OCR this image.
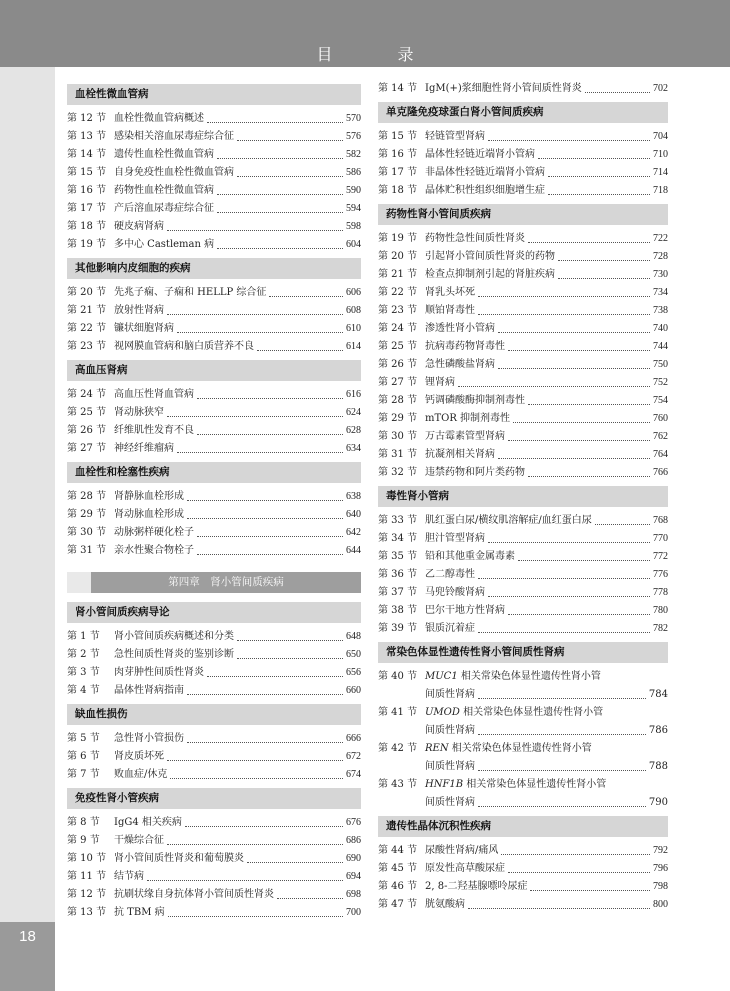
目 录
18
血栓性微血管病
第 12 节 血栓性微血管病概述	570
第 13 节 感染相关溶血尿毒症综合征	576
第 14 节 遗传性血栓性微血管病	582
第 15 节 自身免疫性血栓性微血管病	586
第 16 节 药物性血栓性微血管病	590
第 17 节 产后溶血尿毒症综合征	594
第 18 节 硬皮病肾病	598
第 19 节 多中心 Castleman 病	604
其他影响内皮细胞的疾病
第 20 节 先兆子痫、子痫和 HELLP 综合征	606
第 21 节 放射性肾病	608
第 22 节 镰状细胞肾病	610
第 23 节 视网膜血管病和脑白质营养不良	614
高血压肾病
第 24 节 高血压性肾血管病	616
第 25 节 肾动脉狭窄	624
第 26 节 纤维肌性发育不良	628
第 27 节 神经纤维瘤病	634
血栓性和栓塞性疾病
第 28 节 肾静脉血栓形成	638
第 29 节 肾动脉血栓形成	640
第 30 节 动脉粥样硬化栓子	642
第 31 节 亲水性聚合物栓子	644
第四章　肾小管间质疾病
肾小管间质疾病导论
第 1 节	肾小管间质疾病概述和分类	648
第 2 节	急性间质性肾炎的鉴别诊断	650
第 3 节	肉芽肿性间质性肾炎	656
第 4 节	晶体性肾病指南	660
缺血性损伤
第 5 节	急性肾小管损伤	666
第 6 节	肾皮质坏死	672
第 7 节	败血症/休克	674
免疫性肾小管疾病
第 8 节	IgG4 相关疾病	676
第 9 节	干燥综合征	686
第 10 节 肾小管间质性肾炎和葡萄膜炎	690
第 11 节 结节病	694
第 12 节 抗刷状缘自身抗体肾小管间质性肾炎	698
第 13 节 抗 TBM 病	700
第 14 节 IgM(+)浆细胞性肾小管间质性肾炎	702
单克隆免疫球蛋白肾小管间质疾病
第 15 节 轻链管型肾病	704
第 16 节 晶体性轻链近端肾小管病	710
第 17 节 非晶体性轻链近端肾小管病	714
第 18 节 晶体贮积性组织细胞增生症	718
药物性肾小管间质疾病
第 19 节 药物性急性间质性肾炎	722
第 20 节 引起肾小管间质性肾炎的药物	728
第 21 节 检查点抑制剂引起的肾脏疾病	730
第 22 节 肾乳头坏死	734
第 23 节 顺铂肾毒性	738
第 24 节 渗透性肾小管病	740
第 25 节 抗病毒药物肾毒性	744
第 26 节 急性磷酸盐肾病	750
第 27 节 锂肾病	752
第 28 节 钙调磷酸酶抑制剂毒性	754
第 29 节 mTOR 抑制剂毒性	760
第 30 节 万古霉素管型肾病	762
第 31 节 抗凝剂相关肾病	764
第 32 节 违禁药物和阿片类药物	766
毒性肾小管病
第 33 节 肌红蛋白尿/横纹肌溶解症/血红蛋白尿	768
第 34 节 胆汁管型肾病	770
第 35 节 铅和其他重金属毒素	772
第 36 节 乙二醇毒性	776
第 37 节 马兜铃酸肾病	778
第 38 节 巴尔干地方性肾病	780
第 39 节 银质沉着症	782
常染色体显性遗传性肾小管间质性肾病
第 40 节 MUC1 相关常染色体显性遗传性肾小管
间质性肾病	784
第 41 节 UMOD 相关常染色体显性遗传性肾小管
间质性肾病	786
第 42 节 REN 相关常染色体显性遗传性肾小管
间质性肾病	788
第 43 节 HNF1B 相关常染色体显性遗传性肾小管
间质性肾病	790
遗传性晶体沉积性疾病
第 44 节 尿酸性肾病/痛风	792
第 45 节 原发性高草酸尿症	796
第 46 节 2, 8-二羟基腺嘌呤尿症	798
第 47 节 胱氨酸病	800
